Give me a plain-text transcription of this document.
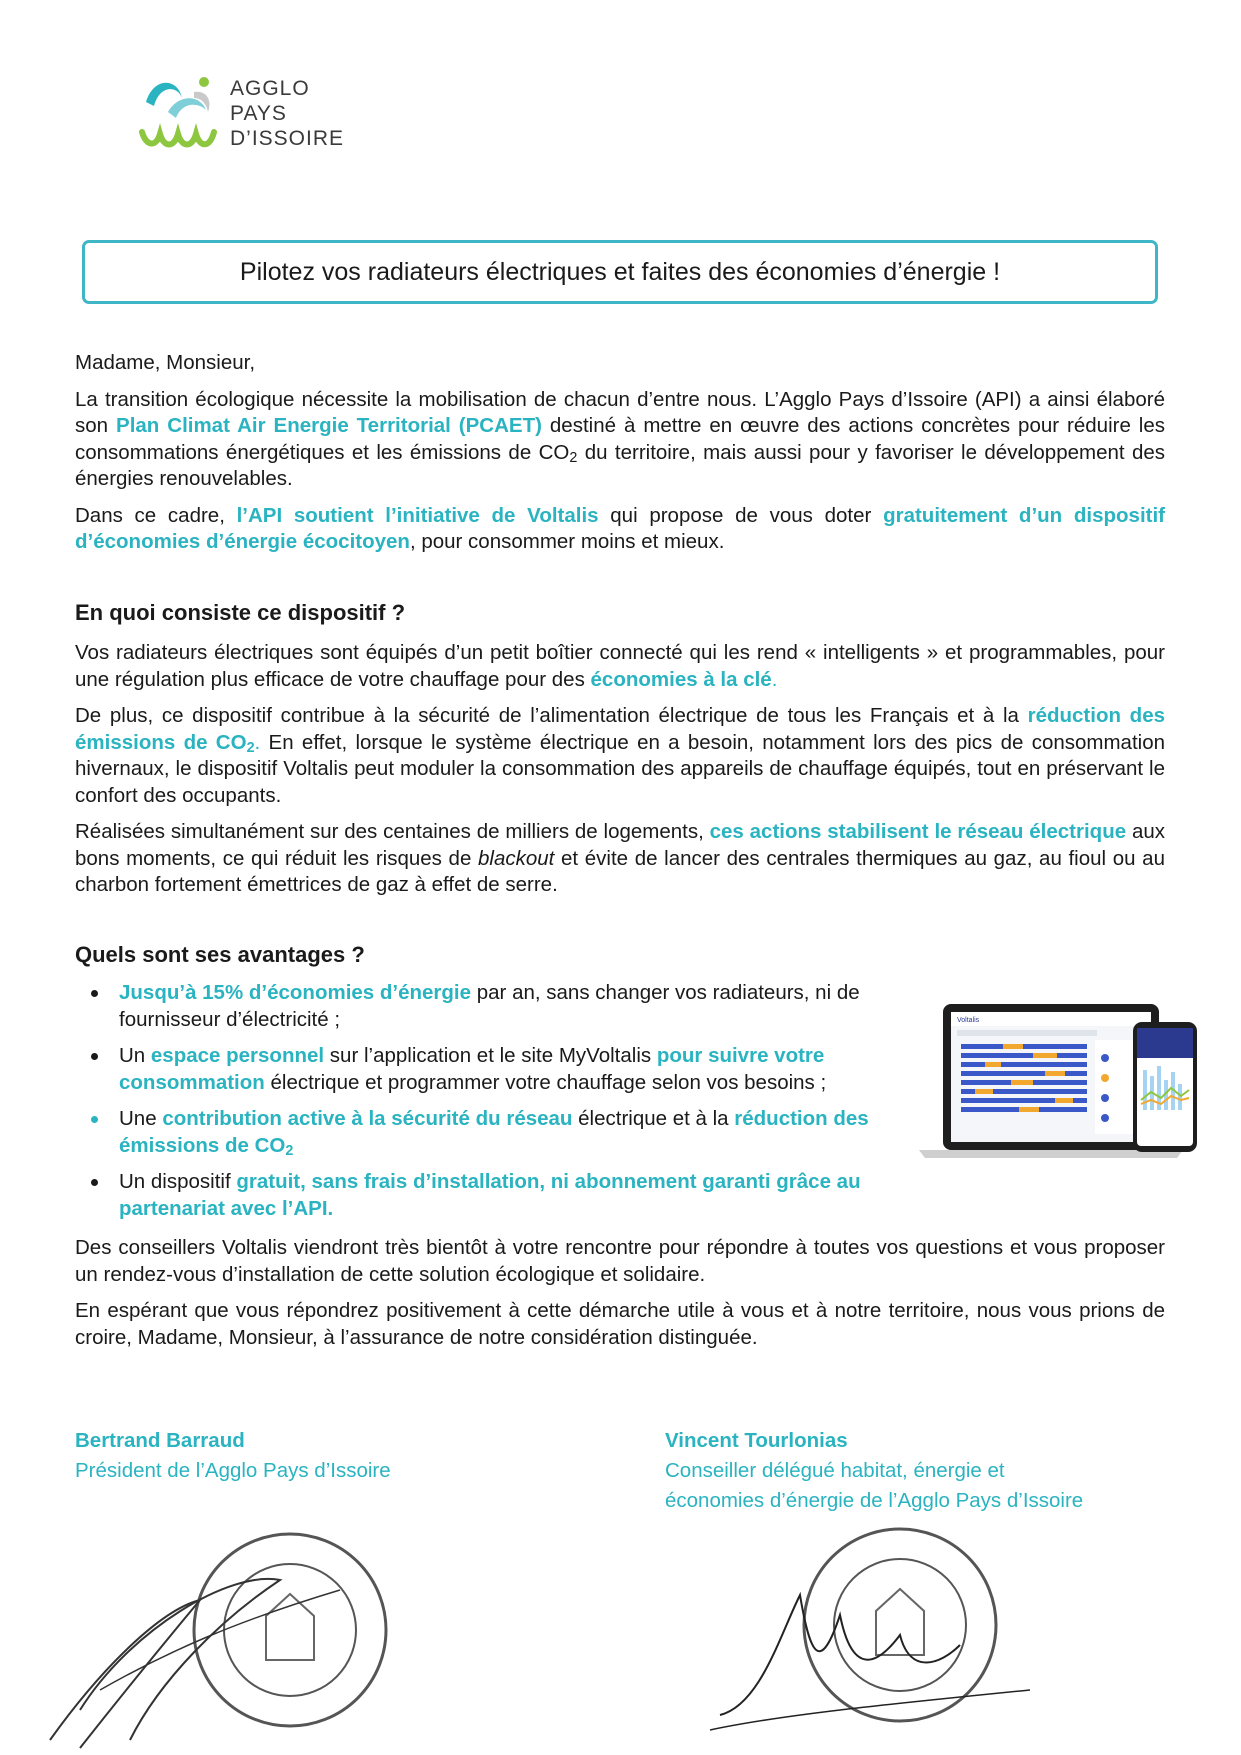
AGGLO
PAYS
D’ISSOIRE
Pilotez vos radiateurs électriques et faites des économies d’énergie !

Madame, Monsieur,

La transition écologique nécessite la mobilisation de chacun d’entre nous. L’Agglo Pays d’Issoire (API) a ainsi élaboré son Plan Climat Air Energie Territorial (PCAET) destiné à mettre en œuvre des actions concrètes pour réduire les consommations énergétiques et les émissions de $CO_2$ du territoire, mais aussi pour y favoriser le développement des énergies renouvelables.

Dans ce cadre, l’API soutient l’initiative de Voltalis qui propose de vous doter gratuitement d’un dispositif d’économies d’énergie écocitoyen, pour consommer moins et mieux.

En quoi consiste ce dispositif ?

Vos radiateurs électriques sont équipés d’un petit boîtier connecté qui les rend « intelligents » et programmables, pour une régulation plus efficace de votre chauffage pour des économies à la clé.

De plus, ce dispositif contribue à la sécurité de l’alimentation électrique de tous les Français et à la réduction des émissions de $CO_2$. En effet, lorsque le système électrique en a besoin, notamment lors des pics de consommation hivernaux, le dispositif Voltalis peut moduler la consommation des appareils de chauffage équipés, tout en préservant le confort des occupants.

Réalisées simultanément sur des centaines de milliers de logements, ces actions stabilisent le réseau électrique aux bons moments, ce qui réduit les risques de blackout et évite de lancer des centrales thermiques au gaz, au fioul ou au charbon fortement émettrices de gaz à effet de serre.

Quels sont ses avantages ?
Jusqu’à 15% d’économies d’énergie par an, sans changer vos radiateurs, ni de fournisseur d’électricité ;
Un espace personnel sur l’application et le site MyVoltalis pour suivre votre consommation électrique et programmer votre chauffage selon vos besoins ;
Une contribution active à la sécurité du réseau électrique et à la réduction des émissions de $CO_2$
Un dispositif gratuit, sans frais d’installation, ni abonnement garanti grâce au partenariat avec l’API.
Voltalis

Des conseillers Voltalis viendront très bientôt à votre rencontre pour répondre à toutes vos questions et vous proposer un rendez-vous d’installation de cette solution écologique et solidaire.

En espérant que vous répondrez positivement à cette démarche utile à vous et à notre territoire, nous vous prions de croire, Madame, Monsieur, à l’assurance de notre considération distinguée.

Bertrand Barraud
Président de l’Agglo Pays d’Issoire
Vincent Tourlonias
Conseiller délégué habitat, énergie et
économies d’énergie de l’Agglo Pays d’Issoire
